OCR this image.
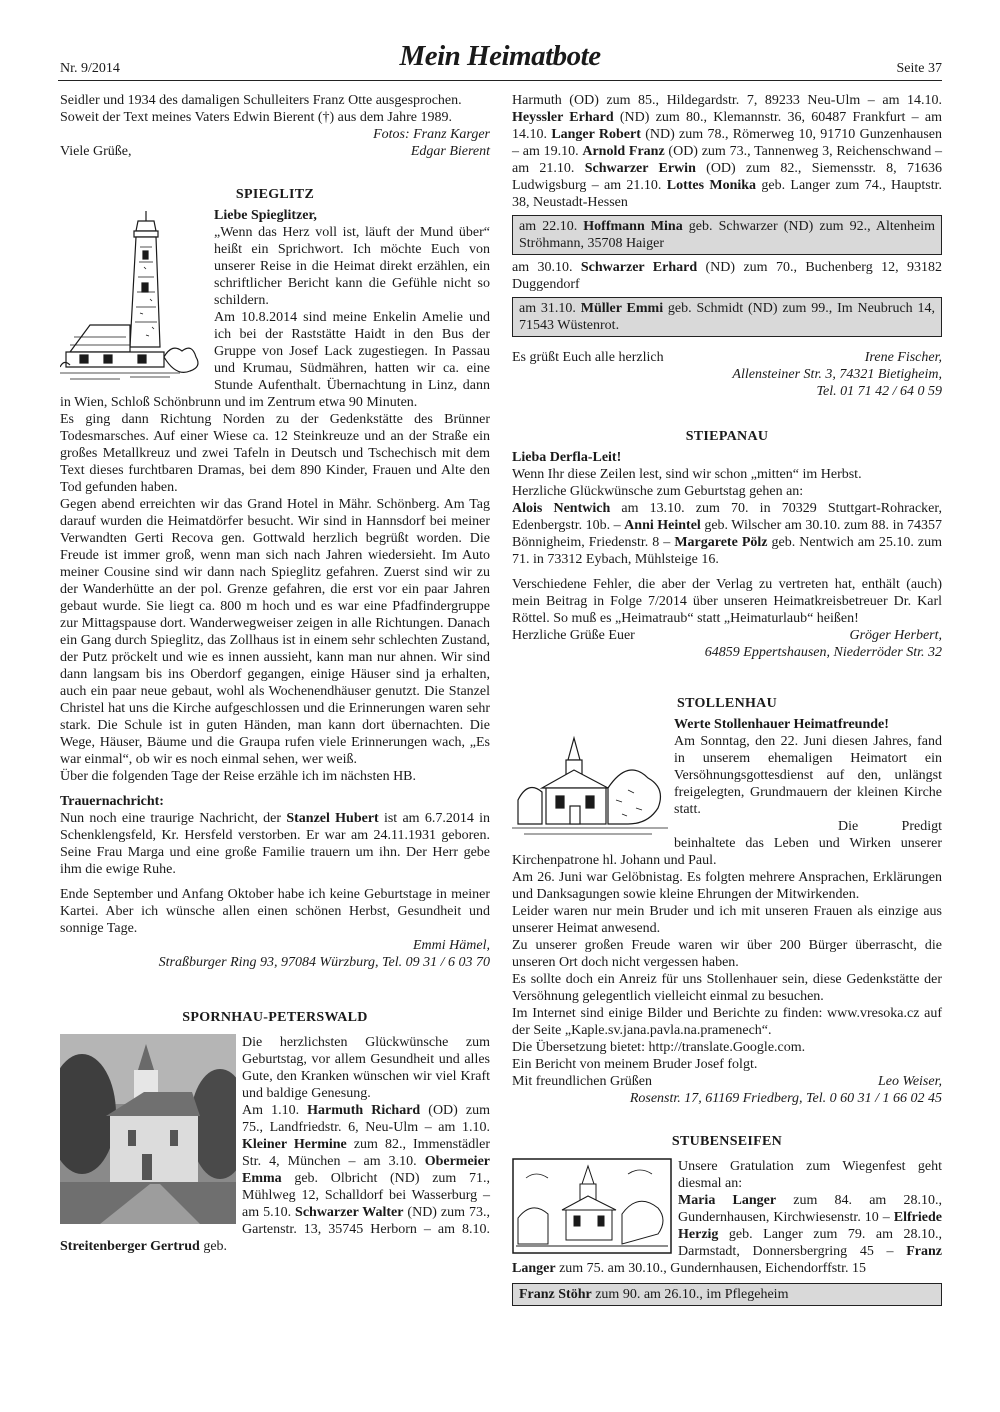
Nr. 9/2014	Mein Heimatbote	Seite 37

Seidler und 1934 des damaligen Schulleiters Franz Otte ausgesprochen.

Soweit der Text meines Vaters Edwin Bierent (†) aus dem Jahre 1989.

Fotos: Franz Karger

Viele Grüße,	Edgar Bierent
SPIEGLITZ
Liebe Spieglitzer,

„Wenn das Herz voll ist, läuft der Mund über“ heißt ein Sprichwort. Ich möchte Euch von unserer Reise in die Heimat direkt erzählen, ein schriftlicher Bericht kann die Gefühle nicht so schildern.

Am 10.8.2014 sind meine Enkelin Amelie und ich bei der Raststätte Haidt in den Bus der Gruppe von Josef Lack zugestiegen. In Passau und Krumau, Südmähren, hatten wir ca. eine Stunde Aufenthalt. Übernachtung in Linz, dann in Wien, Schloß Schönbrunn und im Zentrum etwa 90 Minuten.

Es ging dann Richtung Norden zu der Gedenkstätte des Brünner Todesmarsches. Auf einer Wiese ca. 12 Steinkreuze und an der Straße ein großes Metallkreuz und zwei Tafeln in Deutsch und Tschechisch mit dem Text dieses furchtbaren Dramas, bei dem 890 Kinder, Frauen und Alte den Tod gefunden haben.

Gegen abend erreichten wir das Grand Hotel in Mähr. Schönberg. Am Tag darauf wurden die Heimatdörfer besucht. Wir sind in Hannsdorf bei meiner Verwandten Gerti Recova gen. Gottwald herzlich begrüßt worden. Die Freude ist immer groß, wenn man sich nach Jahren wiedersieht. Im Auto meiner Cousine sind wir dann nach Spieglitz gefahren. Zuerst sind wir zu der Wanderhütte an der pol. Grenze gefahren, die erst vor ein paar Jahren gebaut wurde. Sie liegt ca. 800 m hoch und es war eine Pfadfindergruppe zur Mittagspause dort. Wanderwegweiser zeigen in alle Richtungen. Danach ein Gang durch Spieglitz, das Zollhaus ist in einem sehr schlechten Zustand, der Putz pröckelt und wie es innen aussieht, kann man nur ahnen. Wir sind dann langsam bis ins Oberdorf gegangen, einige Häuser sind ja erhalten, auch ein paar neue gebaut, wohl als Wochenendhäuser genutzt. Die Stanzel Christel hat uns die Kirche aufgeschlossen und die Erinnerungen waren sehr stark. Die Schule ist in guten Händen, man kann dort übernachten. Die Wege, Häuser, Bäume und die Graupa rufen viele Erinnerungen wach, „Es war einmal“, ob wir es noch einmal sehen, wer weiß.

Über die folgenden Tage der Reise erzähle ich im nächsten HB.

Trauernachricht:

Nun noch eine traurige Nachricht, der Stanzel Hubert ist am 6.7.2014 in Schenklengsfeld, Kr. Hersfeld verstorben. Er war am 24.11.1931 geboren. Seine Frau Marga und eine große Familie trauern um ihn. Der Herr gebe ihm die ewige Ruhe.

Ende September und Anfang Oktober habe ich keine Geburtstage in meiner Kartei. Aber ich wünsche allen einen schönen Herbst, Gesundheit und sonnige Tage.

Emmi Hämel,

Straßburger Ring 93, 97084 Würzburg, Tel. 09 31 / 6 03 70

SPORNHAU-PETERSWALD

Die herzlichsten Glückwünsche zum Geburtstag, vor allem Gesundheit und alles Gute, den Kranken wünschen wir viel Kraft und baldige Genesung.
Am 1.10. Harmuth Richard (OD) zum 75., Landfriedstr. 6, Neu-Ulm – am 1.10. Kleiner Hermine zum 82., Immenstädler Str. 4, München – am 3.10. Obermeier Emma geb. Olbricht (ND) zum 71., Mühlweg 12, Schalldorf bei Wasserburg – am 5.10. Schwarzer Walter (ND) zum 73., Gartenstr. 13, 35745 Herborn – am 8.10. Streitenberger Gertrud geb.

Harmuth (OD) zum 85., Hildegardstr. 7, 89233 Neu-Ulm – am 14.10. Heyssler Erhard (ND) zum 80., Klemannstr. 36, 60487 Frankfurt – am 14.10. Langer Robert (ND) zum 78., Römerweg 10, 91710 Gunzenhausen – am 19.10. Arnold Franz (OD) zum 73., Tannenweg 3, Reichenschwand – am 21.10. Schwarzer Erwin (OD) zum 82., Siemensstr. 8, 71636 Ludwigsburg – am 21.10. Lottes Monika geb. Langer zum 74., Hauptstr. 38, Neustadt-Hessen

am 22.10. Hoffmann Mina geb. Schwarzer (ND) zum 92., Altenheim Ströhmann, 35708 Haiger

am 30.10. Schwarzer Erhard (ND) zum 70., Buchenberg 12, 93182 Duggendorf

am 31.10. Müller Emmi geb. Schmidt (ND) zum 99., Im Neubruch 14, 71543 Wüstenrot.
Es grüßt Euch alle herzlich	Irene Fischer,

Allensteiner Str. 3, 74321 Bietigheim,

Tel. 01 71 42 / 64 0 59

STIEPANAU
Lieba Derfla-Leit!

Wenn Ihr diese Zeilen lest, sind wir schon „mitten“ im Herbst.

Herzliche Glückwünsche zum Geburtstag gehen an:

Alois Nentwich am 13.10. zum 70. in 70329 Stuttgart-Rohracker, Edenbergstr. 10b. – Anni Heintel geb. Wilscher am 30.10. zum 88. in 74357 Bönnigheim, Friedenstr. 8 – Margarete Pölz geb. Nentwich am 25.10. zum 71. in 73312 Eybach, Mühlsteige 16.

Verschiedene Fehler, die aber der Verlag zu vertreten hat, enthält (auch) mein Beitrag in Folge 7/2014 über unseren Heimatkreisbetreuer Dr. Karl Röttel. So muß es „Heimatraub“ statt „Heimaturlaub“ heißen!

Herzliche Grüße Euer	Gröger Herbert,

64859 Eppertshausen, Niederröder Str. 32

STOLLENHAU
Werte Stollenhauer Heimatfreunde!

Am Sonntag, den 22. Juni diesen Jahres, fand in unserem ehemaligen Heimatort ein Versöhnungsgottesdienst auf den, unlängst freigelegten, Grundmauern der kleinen Kirche statt.

Die Predigt beinhaltete das Leben und Wirken unserer Kirchenpatrone hl. Johann und Paul.

Am 26. Juni war Gelöbnistag. Es folgten mehrere Ansprachen, Erklärungen und Danksagungen sowie kleine Ehrungen der Mitwirkenden.

Leider waren nur mein Bruder und ich mit unseren Frauen als einzige aus unserer Heimat anwesend.

Zu unserer großen Freude waren wir über 200 Bürger überrascht, die unseren Ort doch nicht vergessen haben.

Es sollte doch ein Anreiz für uns Stollenhauer sein, diese Gedenkstätte der Versöhnung gelegentlich vielleicht einmal zu besuchen.

Im Internet sind einige Bilder und Berichte zu finden: www.vresoka.cz auf der Seite „Kaple.sv.jana.pavla.na.pramenech“.

Die Übersetzung bietet: http://translate.Google.com.

Ein Bericht von meinem Bruder Josef folgt.

Mit freundlichen Grüßen	Leo Weiser,

Rosenstr. 17, 61169 Friedberg, Tel. 0 60 31 / 1 66 02 45

STUBENSEIFEN

Unsere Gratulation zum Wiegenfest geht diesmal an:
Maria Langer zum 84. am 28.10., Gundernhausen, Kirchwiesenstr. 10 – Elfriede Herzig geb. Langer zum 79. am 28.10., Darmstadt, Donnersbergring 45 – Franz Langer zum 75. am 30.10., Gundernhausen, Eichendorffstr. 15

Franz Stöhr zum 90. am 26.10., im Pflegeheim
